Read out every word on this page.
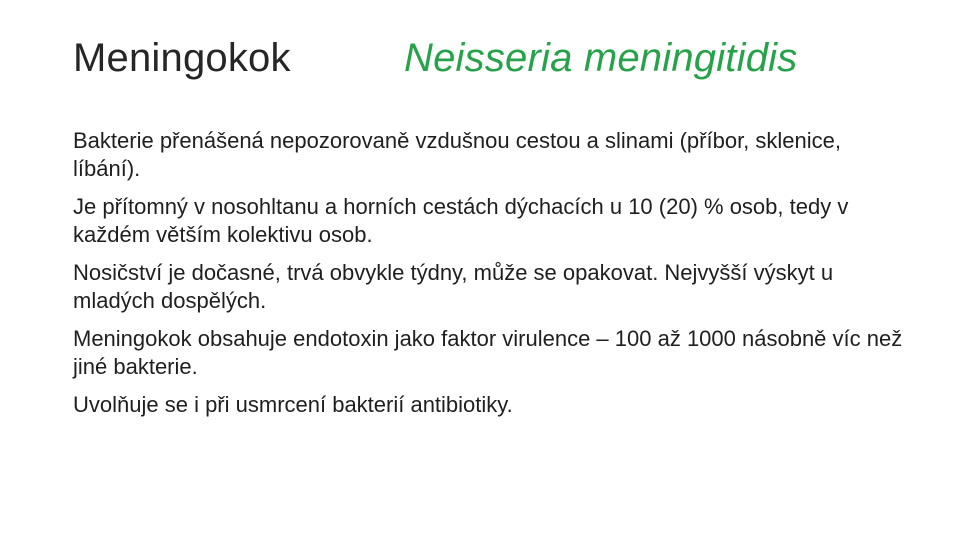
Meningokok	Neisseria meningitidis
Bakterie přenášená nepozorovaně vzdušnou cestou a slinami (příbor, sklenice, líbání).
Je přítomný v nosohltanu a horních cestách dýchacích u 10 (20) % osob, tedy v každém větším kolektivu osob.
Nosičství je dočasné, trvá obvykle týdny, může se opakovat. Nejvyšší výskyt u mladých dospělých.
Meningokok obsahuje endotoxin jako faktor virulence – 100 až 1000 násobně víc než jiné bakterie.
Uvolňuje se i při usmrcení bakterií antibiotiky.
